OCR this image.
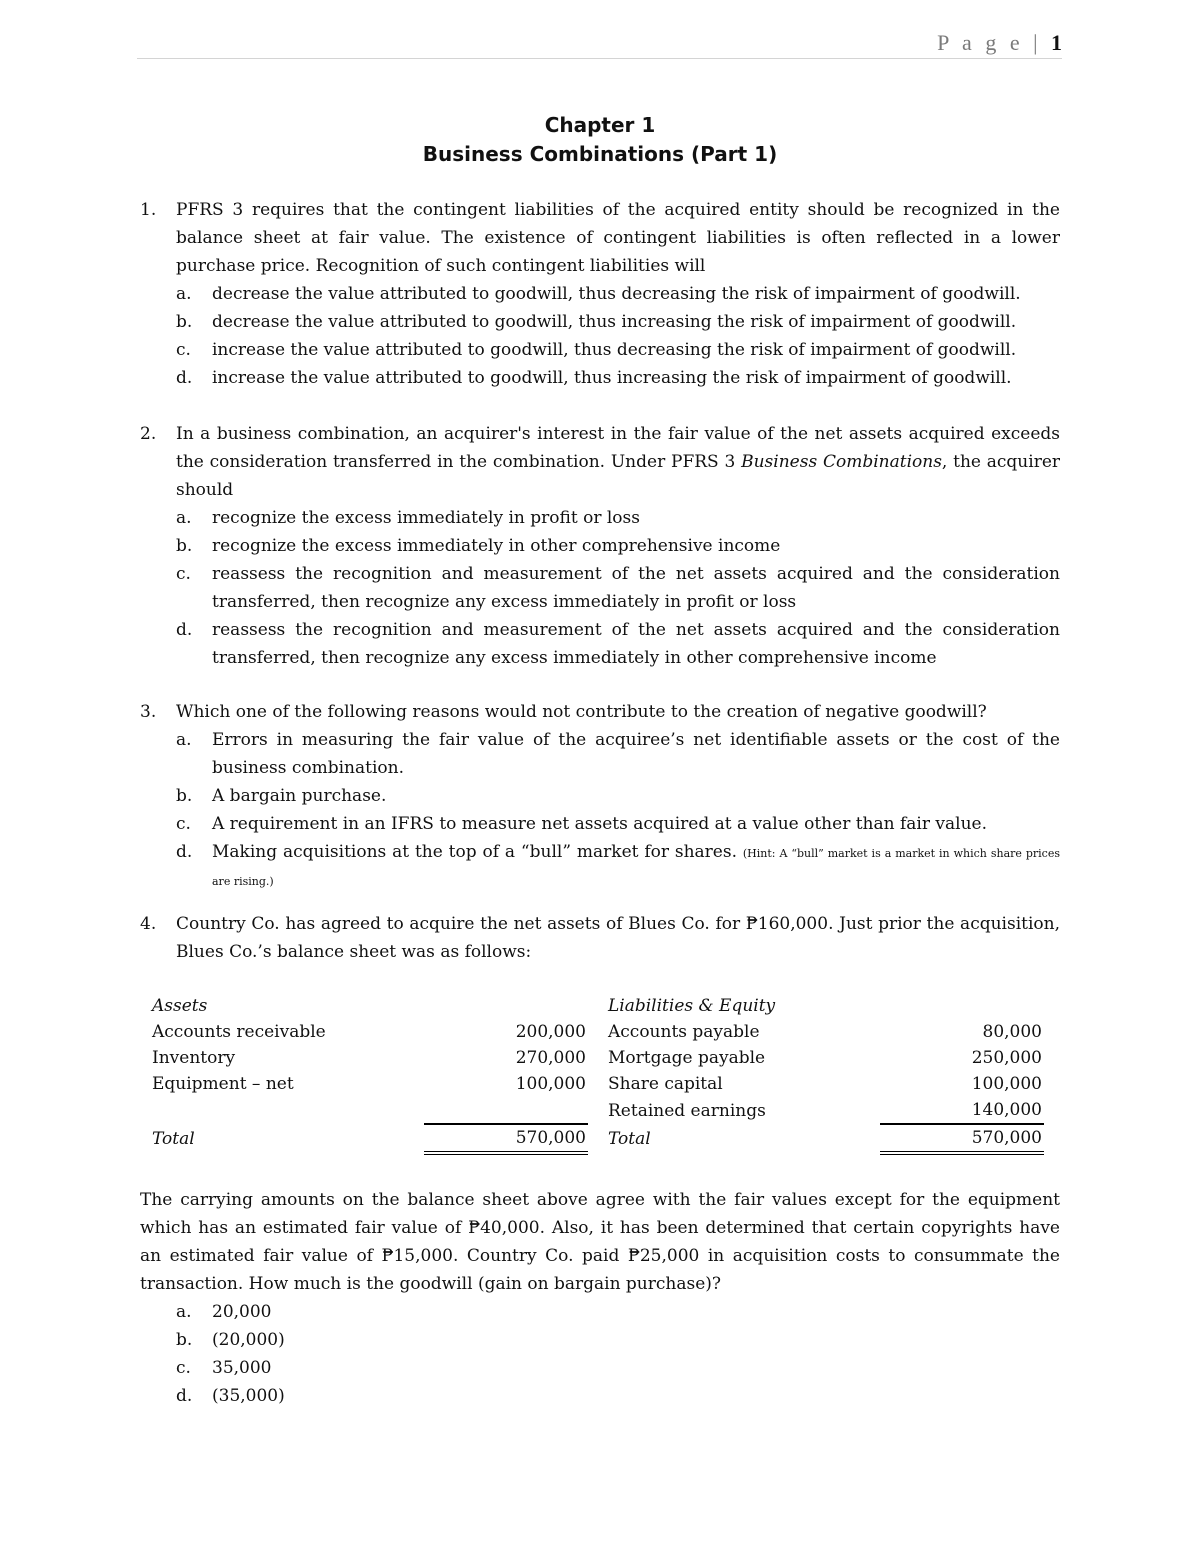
P a g e | 1
Chapter 1
Business Combinations (Part 1)
1. PFRS 3 requires that the contingent liabilities of the acquired entity should be recognized in the balance sheet at fair value. The existence of contingent liabilities is often reflected in a lower purchase price. Recognition of such contingent liabilities will
a. decrease the value attributed to goodwill, thus decreasing the risk of impairment of goodwill.
b. decrease the value attributed to goodwill, thus increasing the risk of impairment of goodwill.
c. increase the value attributed to goodwill, thus decreasing the risk of impairment of goodwill.
d. increase the value attributed to goodwill, thus increasing the risk of impairment of goodwill.
2. In a business combination, an acquirer's interest in the fair value of the net assets acquired exceeds the consideration transferred in the combination. Under PFRS 3 Business Combinations, the acquirer should
a. recognize the excess immediately in profit or loss
b. recognize the excess immediately in other comprehensive income
c. reassess the recognition and measurement of the net assets acquired and the consideration transferred, then recognize any excess immediately in profit or loss
d. reassess the recognition and measurement of the net assets acquired and the consideration transferred, then recognize any excess immediately in other comprehensive income
3. Which one of the following reasons would not contribute to the creation of negative goodwill?
a. Errors in measuring the fair value of the acquiree’s net identifiable assets or the cost of the business combination.
b. A bargain purchase.
c. A requirement in an IFRS to measure net assets acquired at a value other than fair value.
d. Making acquisitions at the top of a “bull” market for shares. (Hint: A “bull” market is a market in which share prices are rising.)
4. Country Co. has agreed to acquire the net assets of Blues Co. for ₱160,000. Just prior the acquisition, Blues Co.’s balance sheet was as follows:
Assets			Liabilities & Equity	
Accounts receivable	200,000		Accounts payable	80,000
Inventory	270,000		Mortgage payable	250,000
Equipment – net	100,000		Share capital	100,000
			Retained earnings	140,000
Total	570,000		Total	570,000
The carrying amounts on the balance sheet above agree with the fair values except for the equipment which has an estimated fair value of ₱40,000. Also, it has been determined that certain copyrights have an estimated fair value of ₱15,000. Country Co. paid ₱25,000 in acquisition costs to consummate the transaction. How much is the goodwill (gain on bargain purchase)?
a. 20,000
b. (20,000)
c. 35,000
d. (35,000)
